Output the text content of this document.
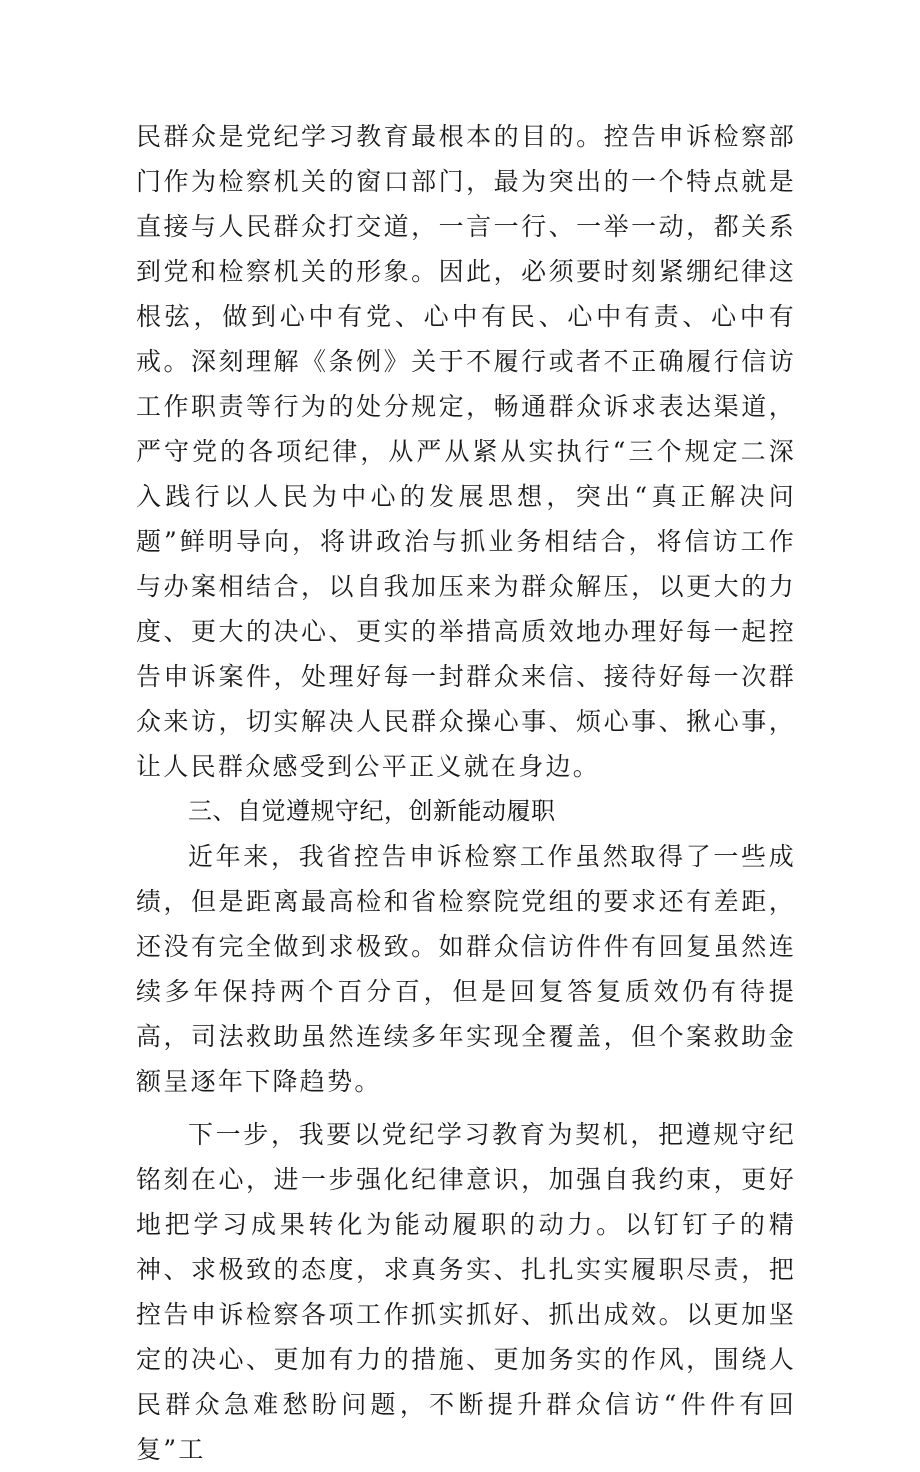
民群众是党纪学习教育最根本的目的。控告申诉检察部门作为检察机关的窗口部门，最为突出的一个特点就是直接与人民群众打交道，一言一行、一举一动，都关系到党和检察机关的形象。因此，必须要时刻紧绷纪律这根弦，做到心中有党、心中有民、心中有责、心中有戒。深刻理解《条例》关于不履行或者不正确履行信访工作职责等行为的处分规定，畅通群众诉求表达渠道，严守党的各项纪律，从严从紧从实执行“三个规定二深入践行以人民为中心的发展思想，突出“真正解决问题”鲜明导向，将讲政治与抓业务相结合，将信访工作与办案相结合，以自我加压来为群众解压，以更大的力度、更大的决心、更实的举措高质效地办理好每一起控告申诉案件，处理好每一封群众来信、接待好每一次群众来访，切实解决人民群众操心事、烦心事、揪心事，让人民群众感受到公平正义就在身边。

三、自觉遵规守纪，创新能动履职

近年来，我省控告申诉检察工作虽然取得了一些成绩，但是距离最高检和省检察院党组的要求还有差距，还没有完全做到求极致。如群众信访件件有回复虽然连续多年保持两个百分百，但是回复答复质效仍有待提高，司法救助虽然连续多年实现全覆盖，但个案救助金额呈逐年下降趋势。

下一步，我要以党纪学习教育为契机，把遵规守纪铭刻在心，进一步强化纪律意识，加强自我约束，更好地把学习成果转化为能动履职的动力。以钉钉子的精神、求极致的态度，求真务实、扎扎实实履职尽责，把控告申诉检察各项工作抓实抓好、抓出成效。以更加坚定的决心、更加有力的措施、更加务实的作风，围绕人民群众急难愁盼问题，不断提升群众信访“件件有回复”工
